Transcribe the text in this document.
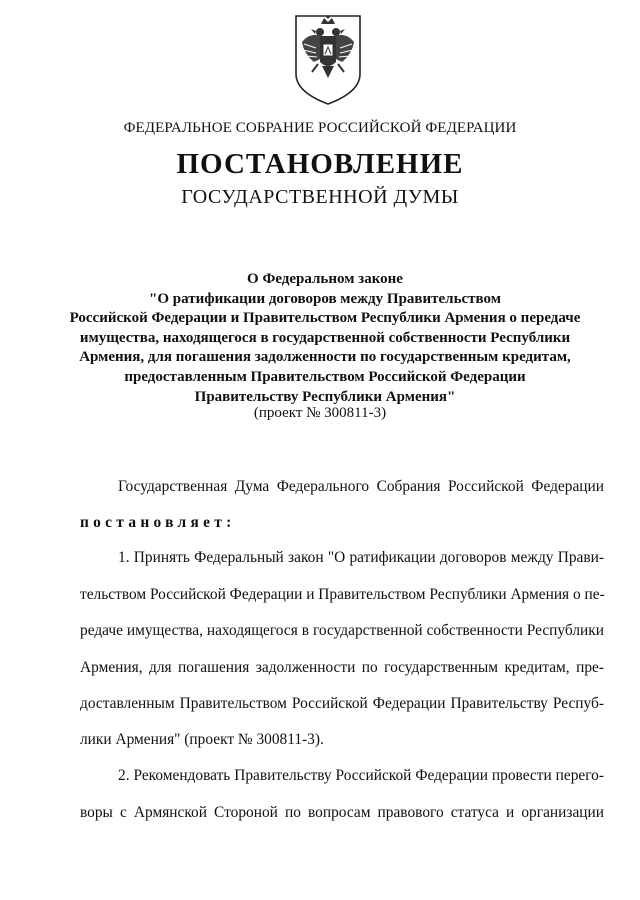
ФЕДЕРАЛЬНОЕ СОБРАНИЕ РОССИЙСКОЙ ФЕДЕРАЦИИ
ПОСТАНОВЛЕНИЕ
ГОСУДАРСТВЕННОЙ ДУМЫ
О Федеральном законе
"О ратификации договоров между Правительством
Российской Федерации и Правительством Республики Армения о передаче
имущества, находящегося в государственной собственности Республики
Армения, для погашения задолженности по государственным кредитам,
предоставленным Правительством Российской Федерации
Правительству Республики Армения"
(проект № 300811-3)
Государственная Дума Федерального Собрания Российской Федерации
постановляет:
1. Принять Федеральный закон "О ратификации договоров между Прави-
тельством Российской Федерации и Правительством Республики Армения о пе-
редаче имущества, находящегося в государственной собственности Республики
Армения, для погашения задолженности по государственным кредитам, пре-
доставленным Правительством Российской Федерации Правительству Респуб-
лики Армения" (проект № 300811-3).
2. Рекомендовать Правительству Российской Федерации провести перего-
воры с Армянской Стороной по вопросам правового статуса и организации
